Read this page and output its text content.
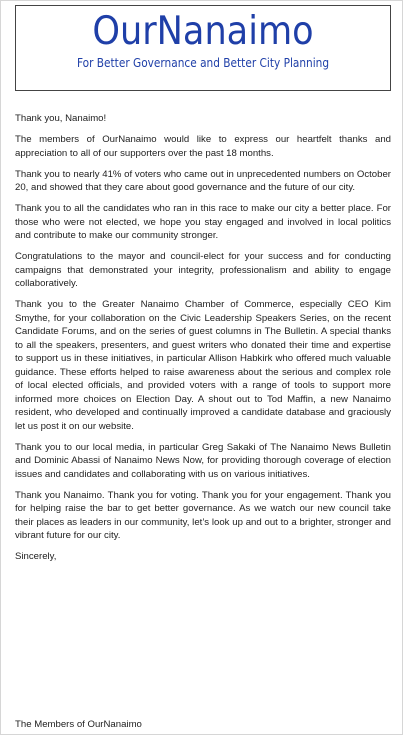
OurNanaimo
For Better Governance and Better City Planning

Thank you, Nanaimo!

The members of OurNanaimo would like to express our heartfelt thanks and appreciation to all of our supporters over the past 18 months.

Thank you to nearly 41% of voters who came out in unprecedented numbers on October 20, and showed that they care about good governance and the future of our city.

Thank you to all the candidates who ran in this race to make our city a better place. For those who were not elected, we hope you stay engaged and involved in local politics and contribute to make our community stronger.

Congratulations to the mayor and council-elect for your success and for conducting campaigns that demonstrated your integrity, professionalism and ability to engage collaboratively.

Thank you to the Greater Nanaimo Chamber of Commerce, especially CEO Kim Smythe, for your collaboration on the Civic Leadership Speakers Series, on the recent Candidate Forums, and on the series of guest columns in The Bulletin. A special thanks to all the speakers, presenters, and guest writers who donated their time and expertise to support us in these initiatives, in particular Allison Habkirk who offered much valuable guidance. These efforts helped to raise awareness about the serious and complex role of local elected officials, and provided voters with a range of tools to support more informed more choices on Election Day. A shout out to Tod Maffin, a new Nanaimo resident, who developed and continually improved a candidate database and graciously let us post it on our website.

Thank you to our local media, in particular Greg Sakaki of The Nanaimo News Bulletin and Dominic Abassi of Nanaimo News Now, for providing thorough coverage of election issues and candidates and collaborating with us on various initiatives.

Thank you Nanaimo. Thank you for voting. Thank you for your engagement. Thank you for helping raise the bar to get better governance. As we watch our new council take their places as leaders in our community, let’s look up and out to a brighter, stronger and vibrant future for our city.

Sincerely,

The Members of OurNanaimo
